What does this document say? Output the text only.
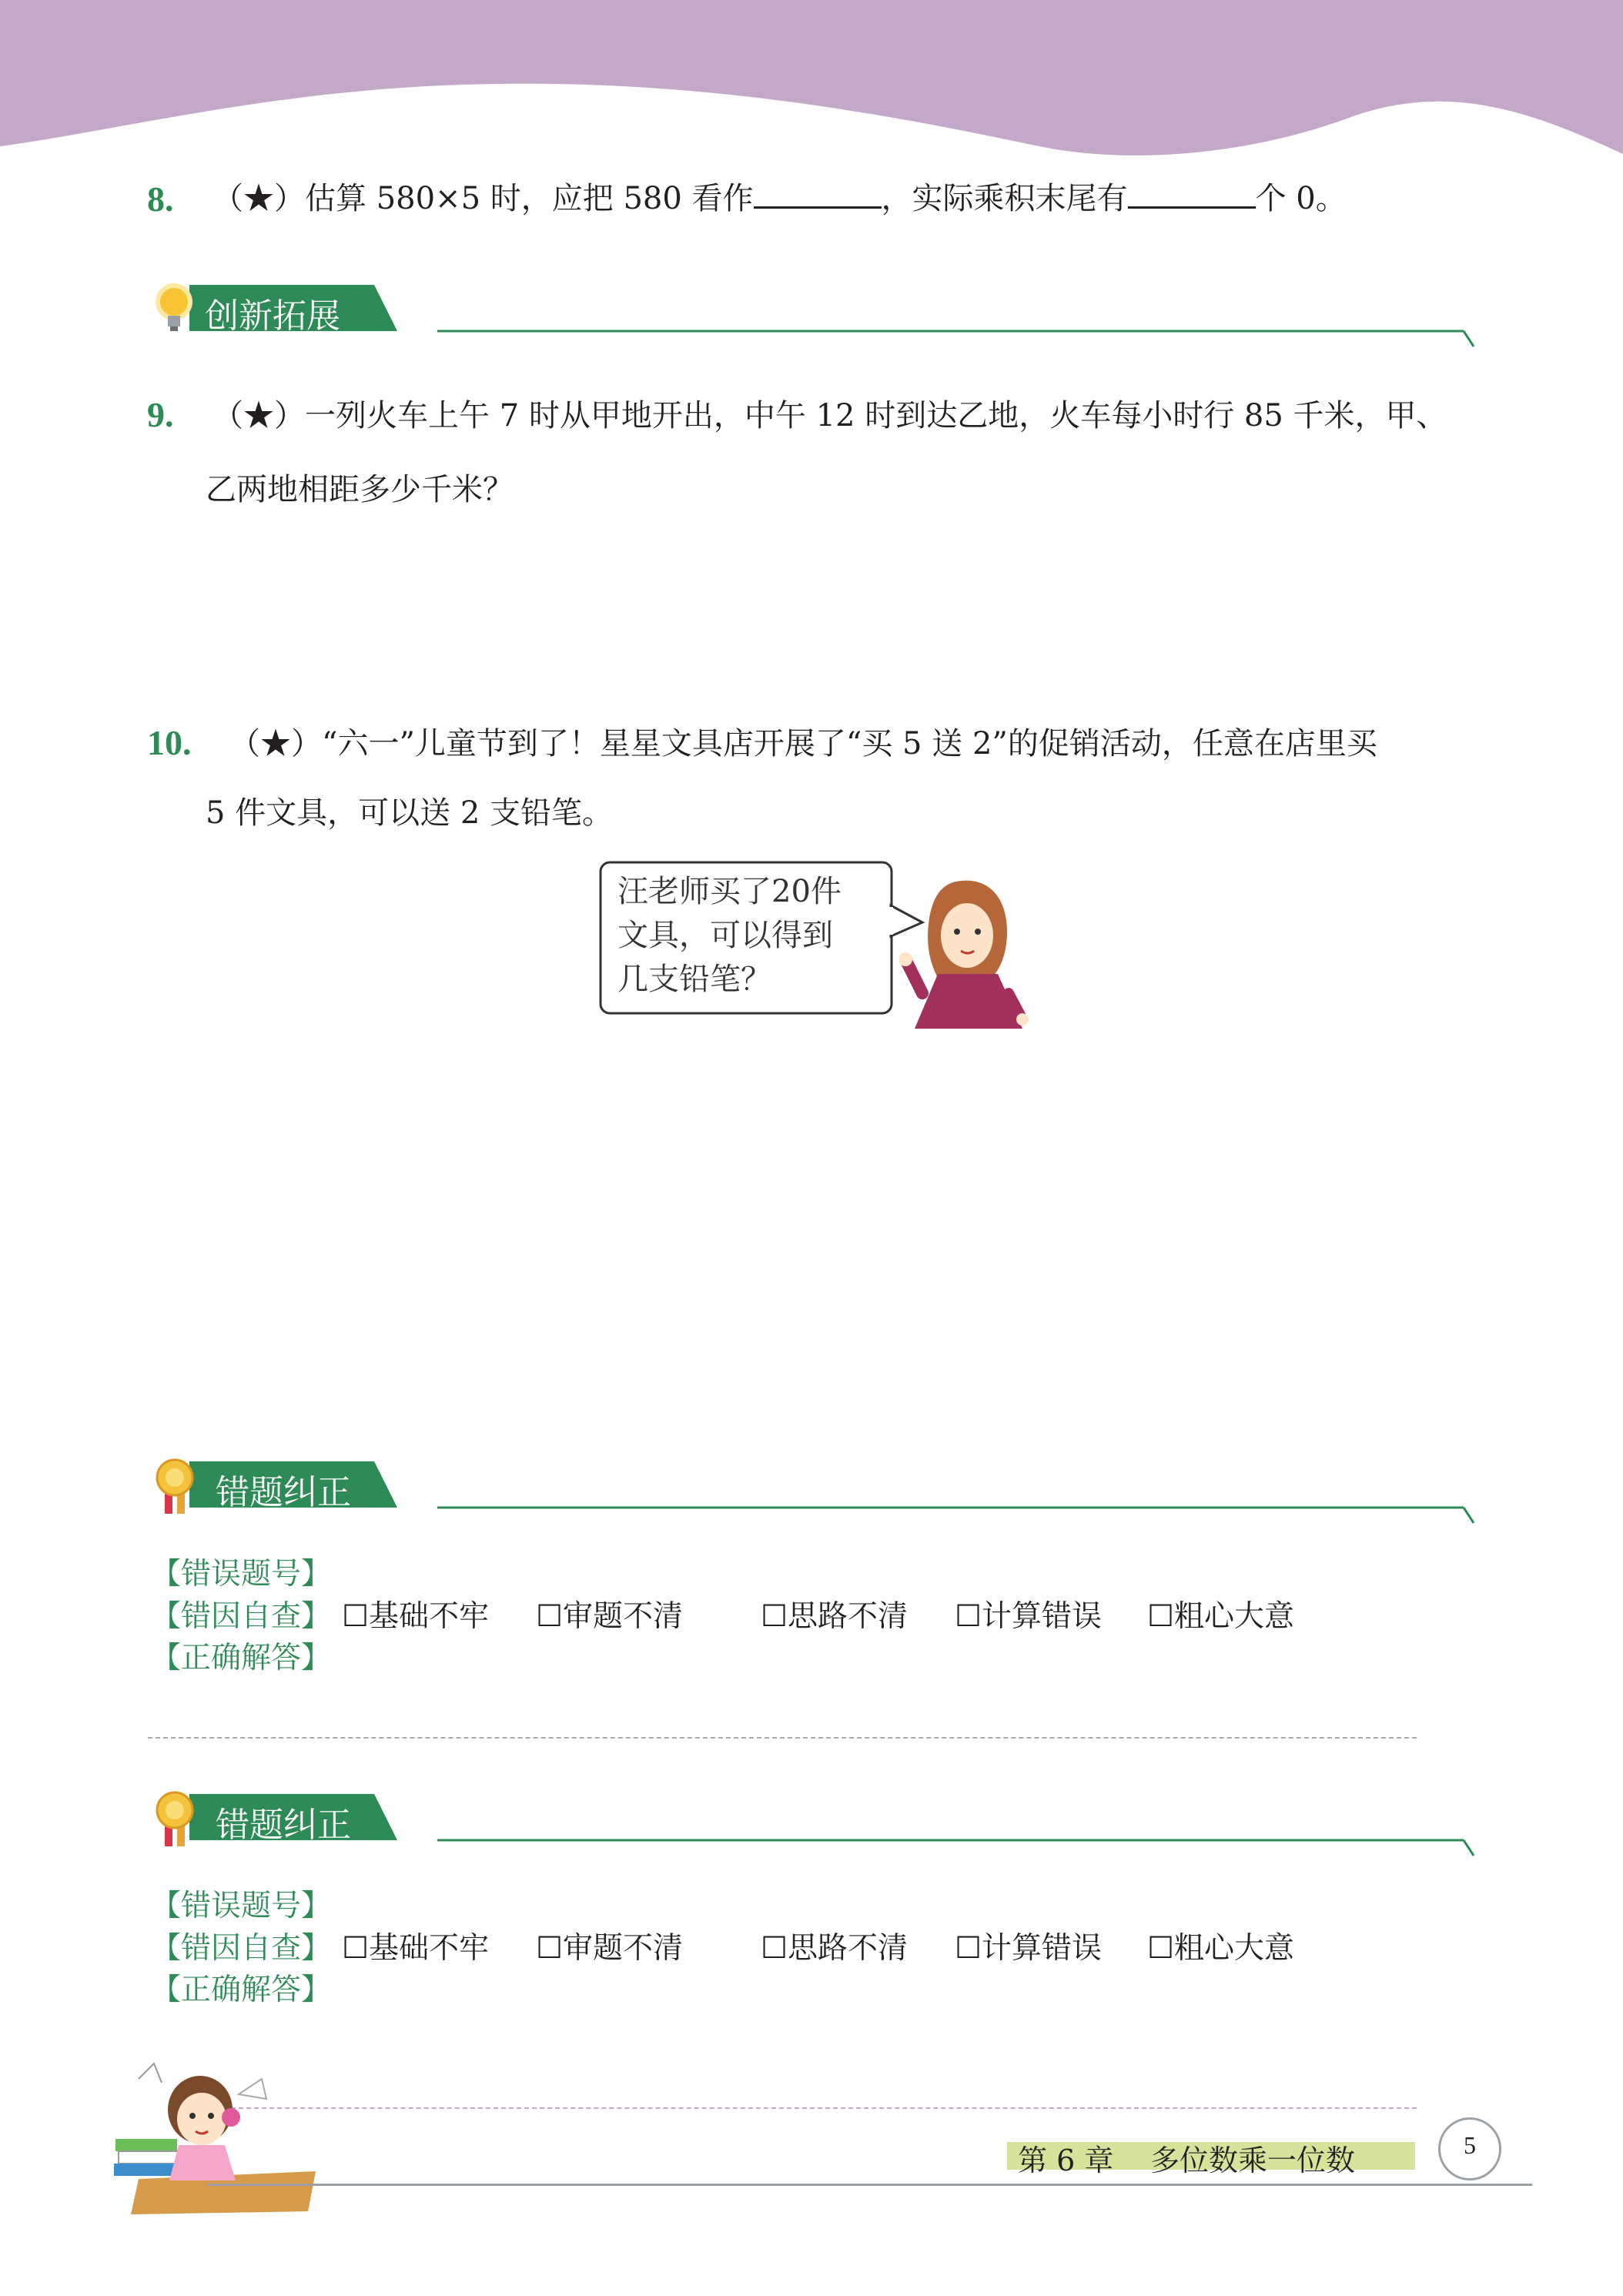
8. （★）估算 580×5 时，应把 580 看作	，实际乘积末尾有	个 0。
创新拓展
9. （★）一列火车上午 7 时从甲地开出，中午 12 时到达乙地，火车每小时行 85 千米，甲、
乙两地相距多少千米？
10. （★）“六一”儿童节到了！星星文具店开展了“买 5 送 2”的促销活动，任意在店里买
5 件文具，可以送 2 支铅笔。
汪老师买了20件
文具，可以得到
几支铅笔？
错题纠正
【错误题号】
【错因自查】 ☐基础不牢 ☐审题不清	☐思路不清 ☐计算错误 ☐粗心大意
【正确解答】
错题纠正
【错误题号】
【错因自查】 ☐基础不牢 ☐审题不清	☐思路不清 ☐计算错误 ☐粗心大意
【正确解答】
第 6 章 多位数乘一位数	5
